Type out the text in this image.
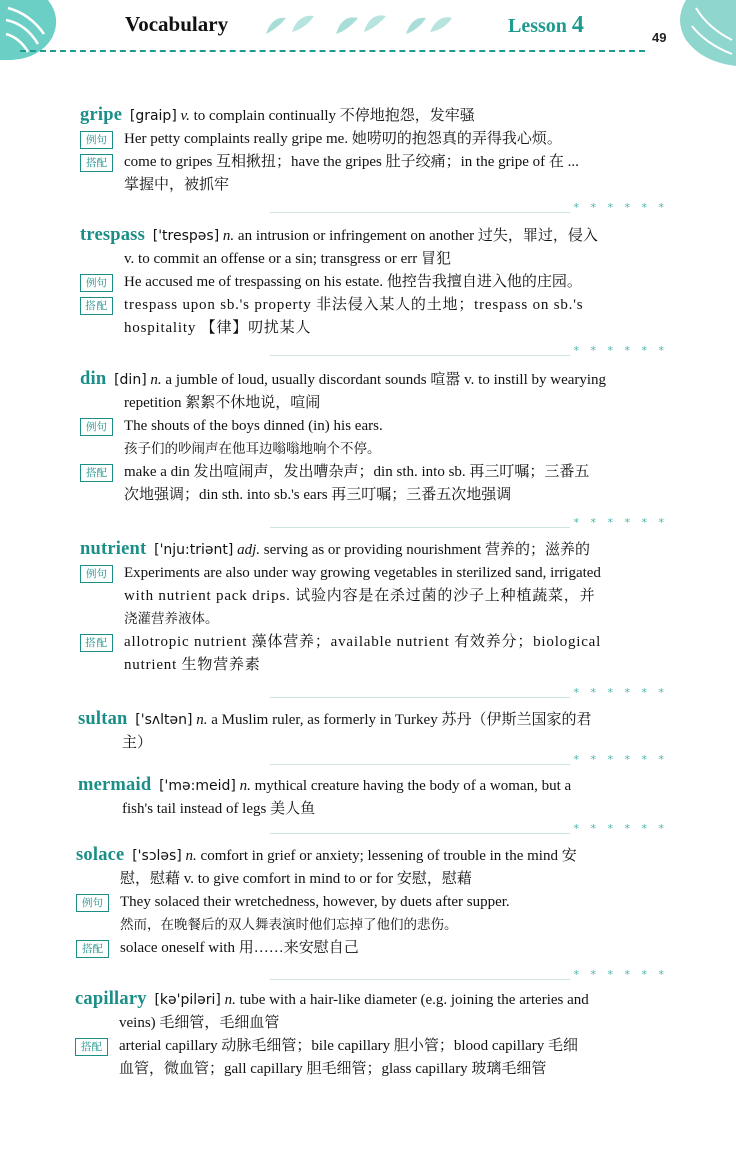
Vocabulary	Lesson 4	49
gripe [graip] v. to complain continually 不停地抱怨，发牢骚
例句	Her petty complaints really gripe me. 她唠叨的抱怨真的弄得我心烦。
搭配	come to gripes 互相揪扭；have the gripes 肚子绞痛；in the gripe of 在 ...
掌握中，被抓牢
* * * * * *
trespass ['trespəs] n. an intrusion or infringement on another 过失，罪过，侵入
v. to commit an offense or a sin; transgress or err 冒犯
例句	He accused me of trespassing on his estate. 他控告我擅自进入他的庄园。
搭配	trespass upon sb.'s property 非法侵入某人的土地；trespass on sb.'s
hospitality 【律】叨扰某人
* * * * * *
din [din] n. a jumble of loud, usually discordant sounds 喧嚣 v. to instill by wearying
repetition 絮絮不休地说，喧闹
例句	The shouts of the boys dinned (in) his ears.
孩子们的吵闹声在他耳边嗡嗡地响个不停。
搭配	make a din 发出喧闹声，发出嘈杂声；din sth. into sb. 再三叮嘱；三番五
次地强调；din sth. into sb.'s ears 再三叮嘱；三番五次地强调
* * * * * *
nutrient ['nju:triənt] adj. serving as or providing nourishment 营养的；滋养的
例句	Experiments are also under way growing vegetables in sterilized sand, irrigated
with nutrient pack drips. 试验内容是在杀过菌的沙子上种植蔬菜，并
浇灌营养液体。
搭配	allotropic nutrient 藻体营养；available nutrient 有效养分；biological
nutrient 生物营养素
* * * * * *
sultan ['sʌltən] n. a Muslim ruler, as formerly in Turkey 苏丹（伊斯兰国家的君
主）
* * * * * *
mermaid ['mə:meid] n. mythical creature having the body of a woman, but a
fish's tail instead of legs 美人鱼
* * * * * *
solace ['sɔləs] n. comfort in grief or anxiety; lessening of trouble in the mind 安
慰，慰藉 v. to give comfort in mind to or for 安慰，慰藉
例句	They solaced their wretchedness, however, by duets after supper.
然而，在晚餐后的双人舞表演时他们忘掉了他们的悲伤。
搭配	solace oneself with 用……来安慰自己
* * * * * *
capillary [kə'piləri] n. tube with a hair-like diameter (e.g. joining the arteries and
veins) 毛细管，毛细血管
搭配	arterial capillary 动脉毛细管；bile capillary 胆小管；blood capillary 毛细
血管，微血管；gall capillary 胆毛细管；glass capillary 玻璃毛细管
